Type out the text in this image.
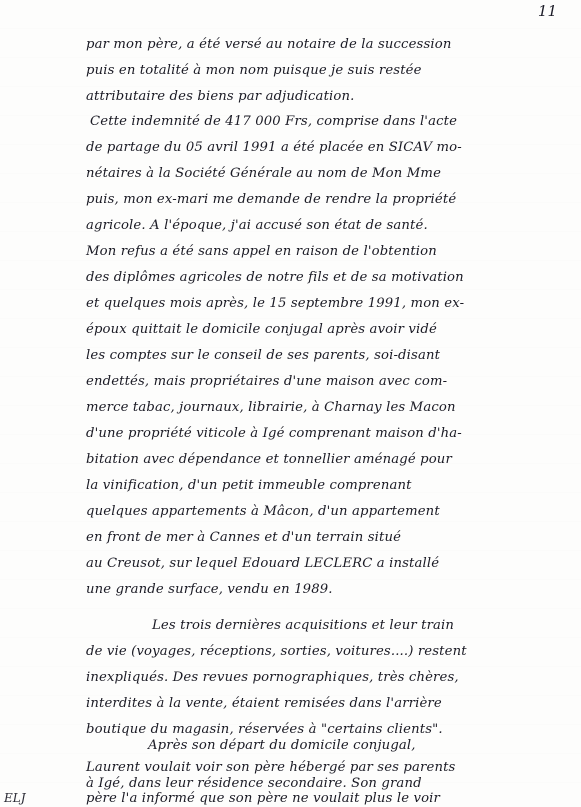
11
par mon père, a été versé au notaire de la succession
puis en totalité à mon nom puisque je suis restée
attributaire des biens par adjudication.
Cette indemnité de 417 000 Frs, comprise dans l'acte
de partage du 05 avril 1991 a été placée en SICAV mo-
nétaires à la Société Générale au nom de Mon Mme
puis, mon ex-mari me demande de rendre la propriété
agricole. A l'époque, j'ai accusé son état de santé.
Mon refus a été sans appel en raison de l'obtention
des diplômes agricoles de notre fils et de sa motivation
et quelques mois après, le 15 septembre 1991, mon ex-
époux quittait le domicile conjugal après avoir vidé
les comptes sur le conseil de ses parents, soi-disant
endettés, mais propriétaires d'une maison avec com-
merce tabac, journaux, librairie, à Charnay les Macon
d'une propriété viticole à Igé comprenant maison d'ha-
bitation avec dépendance et tonnellier aménagé pour
la vinification, d'un petit immeuble comprenant
quelques appartements à Mâcon, d'un appartement
en front de mer à Cannes et d'un terrain situé
au Creusot, sur lequel Edouard LECLERC a installé
une grande surface, vendu en 1989.
Les trois dernières acquisitions et leur train
de vie (voyages, réceptions, sorties, voitures....) restent
inexpliqués. Des revues pornographiques, très chères,
interdites à la vente, étaient remisées dans l'arrière
boutique du magasin, réservées à "certains clients".
Après son départ du domicile conjugal,
Laurent voulait voir son père hébergé par ses parents
à Igé, dans leur résidence secondaire. Son grand
père l'a informé que son père ne voulait plus le voir
ELJ
